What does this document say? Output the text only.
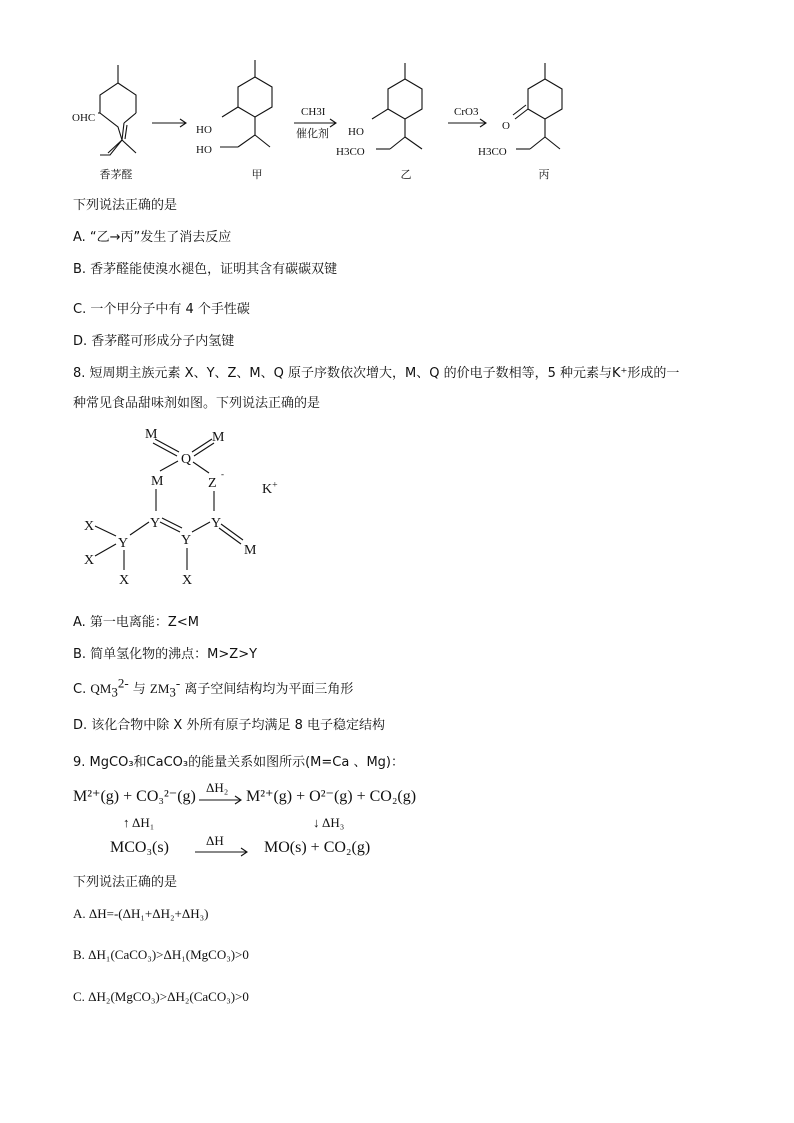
OHC
HO
HO
CH3I
催化剂 HO
H3CO
CrO3
O
H3CO
香茅醛	甲	乙	丙
下列说法正确的是
A. “乙→丙”发生了消去反应
B. 香茅醛能使溴水褪色，证明其含有碳碳双键
C. 一个甲分子中有 4 个手性碳
D. 香茅醛可形成分子内氢键
8. 短周期主族元素 X、Y、Z、M、Q 原子序数依次增大，M、Q 的价电子数相等，5 种元素与K⁺形成的一
种常见食品甜味剂如图。下列说法正确的是
M	M
Q
M	Z
-
Y	Y
Y
Y
X
X
X	X
M
K+
A. 第一电离能：Z<M
B. 简单氢化物的沸点：M>Z>Y
C. $QM_3^{2-}$ 与 $ZM_3^-$ 离子空间结构均为平面三角形
D. 该化合物中除 X 外所有原子均满足 8 电子稳定结构
9. MgCO₃和CaCO₃的能量关系如图所示(M=Ca 、Mg)：
M²⁺(g) + CO₃²⁻(g)
ΔH₂
M²⁺(g) + O²⁻(g) + CO₂(g)
↑ ΔH₁	↓ ΔH₃
MCO₃(s)	ΔH	MO(s) + CO₂(g)
下列说法正确的是
A. ΔH=-(ΔH₁+ΔH₂+ΔH₃)
B. ΔH₁(CaCO₃)>ΔH₁(MgCO₃)>0
C. ΔH₂(MgCO₃)>ΔH₂(CaCO₃)>0
